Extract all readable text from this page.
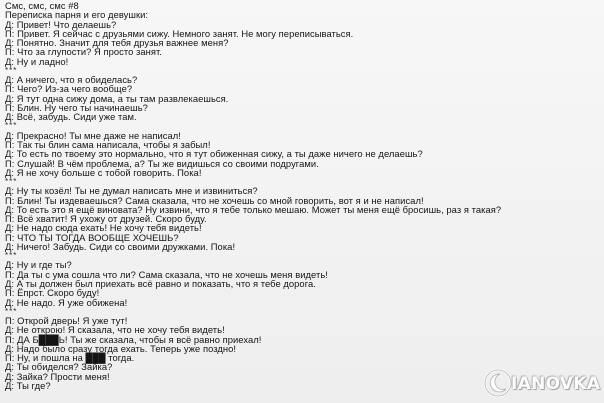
Смс, смс, смс #8
Переписка парня и его девушки:
Д: Привет! Что делаешь?
П: Привет. Я сейчас с друзьями сижу. Немного занят. Не могу переписываться.
Д: Понятно. Значит для тебя друзья важнее меня?
П: Что за глупости? Я просто занят.
Д: Ну и ладно!
***
Д: А ничего, что я обиделась?
П: Чего? Из-за чего вообще?
Д: Я тут одна сижу дома, а ты там развлекаешься.
П: Блин. Ну чего ты начинаешь?
Д: Всё, забудь. Сиди уже там.
***
Д: Прекрасно! Ты мне даже не написал!
П: Так ты блин сама написала, чтобы я забыл!
Д: То есть по твоему это нормально, что я тут обиженная сижу, а ты даже ничего не делаешь?
П: Слушай! В чём проблема, а? Ты же видишься со своими подругами.
Д: Я не хочу больше с тобой говорить. Пока!
***
Д: Ну ты козёл! Ты не думал написать мне и извиниться?
П: Блин! Ты издеваешься? Сама сказала, что не хочешь со мной говорить, вот я и не написал!
Д: То есть это я ещё виновата? Ну извини, что я тебе только мешаю. Может ты меня ещё бросишь, раз я такая?
П: Всё хватит! Я ухожу от друзей. Скоро буду.
Д: Не надо сюда ехать! Не хочу тебя видеть!
П: ЧТО ТЫ ТОГДА ВООБЩЕ ХОЧЕШЬ?
Д: Ничего! Забудь. Сиди со своими дружками. Пока!
***
Д: Ну и где ты?
П: Да ты с ума сошла что ли? Сама сказала, что не хочешь меня видеть!
Д: А ты должен был приехать всё равно и показать, что я тебе дорога.
П: Ёпрст. Скоро буду!
Д: Не надо. Я уже обижена!
***
П: Открой дверь! Я уже тут!
Д: Не открою! Я сказала, что не хочу тебя видеть!
П: ДА Б███Ь! Ты же сказала, чтобы я всё равно приехал!
Д: Надо было сразу тогда ехать. Теперь уже поздно!
П: Ну, и пошла на ███ тогда.
Д: Ты обиделся? Зайка?
Д: Зайка? Прости меня!
Д: Ты где?	IANOVKA
